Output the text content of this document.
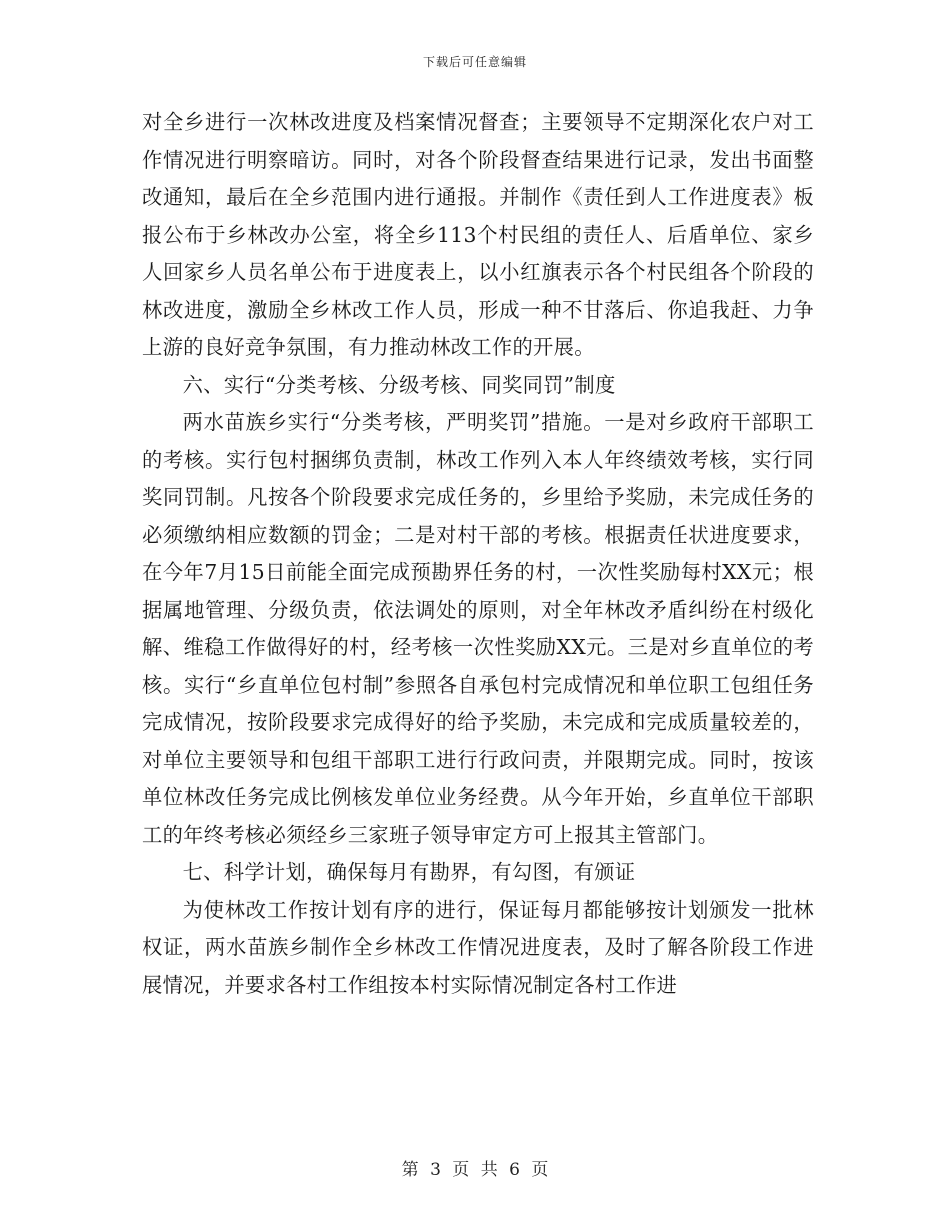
下载后可任意编辑

对全乡进行一次林改进度及档案情况督查；主要领导不定期深化农户对工作情况进行明察暗访。同时，对各个阶段督查结果进行记录，发出书面整改通知，最后在全乡范围内进行通报。并制作《责任到人工作进度表》板报公布于乡林改办公室，将全乡113个村民组的责任人、后盾单位、家乡人回家乡人员名单公布于进度表上，以小红旗表示各个村民组各个阶段的林改进度，激励全乡林改工作人员，形成一种不甘落后、你追我赶、力争上游的良好竞争氛围，有力推动林改工作的开展。

六、实行“分类考核、分级考核、同奖同罚”制度

两水苗族乡实行“分类考核，严明奖罚”措施。一是对乡政府干部职工的考核。实行包村捆绑负责制，林改工作列入本人年终绩效考核，实行同奖同罚制。凡按各个阶段要求完成任务的，乡里给予奖励，未完成任务的必须缴纳相应数额的罚金；二是对村干部的考核。根据责任状进度要求，在今年7月15日前能全面完成预勘界任务的村，一次性奖励每村XX元；根据属地管理、分级负责，依法调处的原则，对全年林改矛盾纠纷在村级化解、维稳工作做得好的村，经考核一次性奖励XX元。三是对乡直单位的考核。实行“乡直单位包村制”参照各自承包村完成情况和单位职工包组任务完成情况，按阶段要求完成得好的给予奖励，未完成和完成质量较差的，对单位主要领导和包组干部职工进行行政问责，并限期完成。同时，按该单位林改任务完成比例核发单位业务经费。从今年开始，乡直单位干部职工的年终考核必须经乡三家班子领导审定方可上报其主管部门。

七、科学计划，确保每月有勘界，有勾图，有颁证

为使林改工作按计划有序的进行，保证每月都能够按计划颁发一批林权证，两水苗族乡制作全乡林改工作情况进度表，及时了解各阶段工作进展情况，并要求各村工作组按本村实际情况制定各村工作进

第 3 页 共 6 页
